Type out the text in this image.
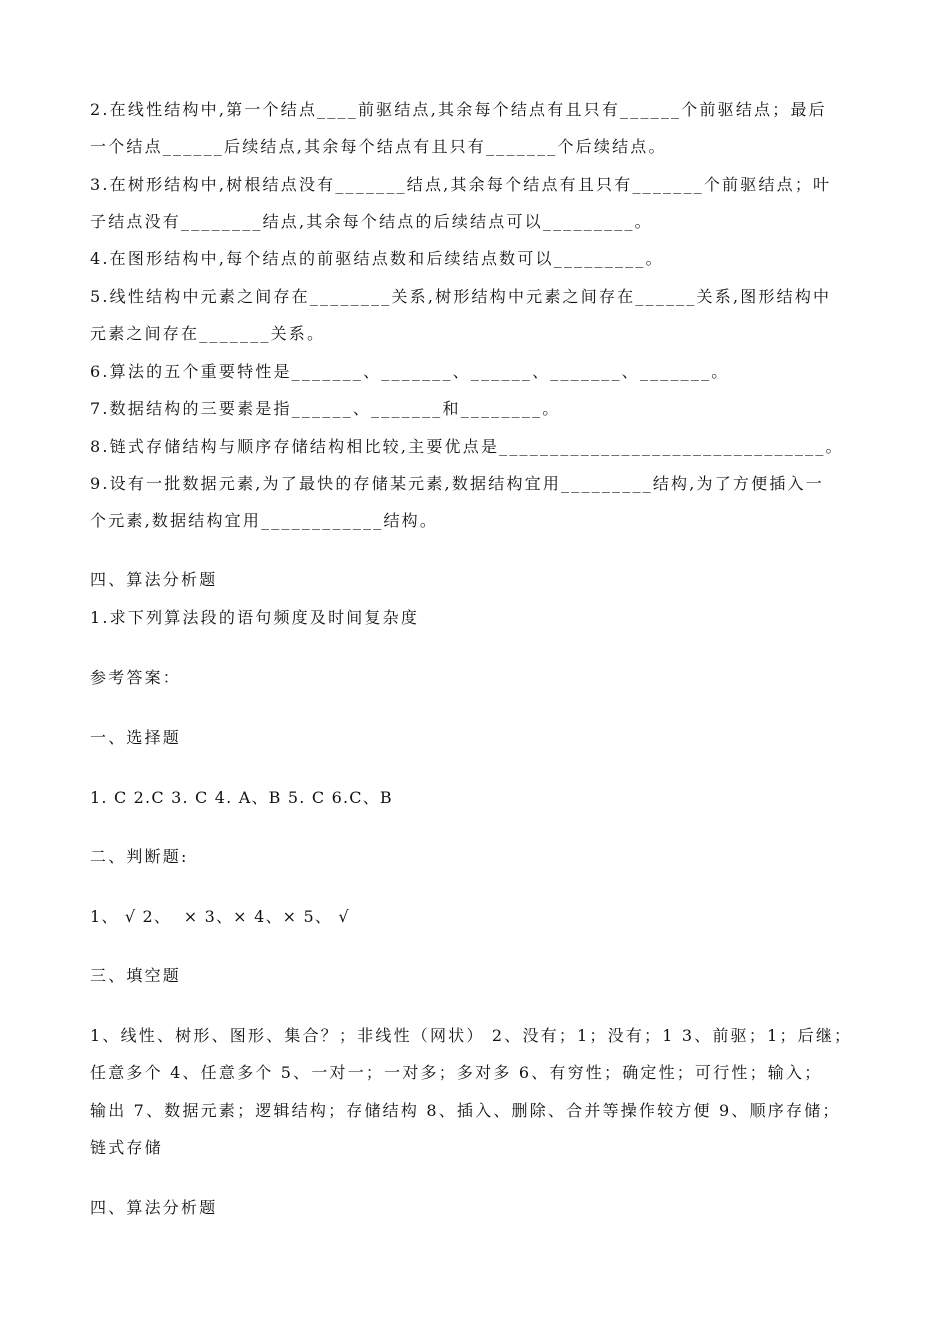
2.在线性结构中,第一个结点____前驱结点,其余每个结点有且只有______个前驱结点；最后
一个结点______后续结点,其余每个结点有且只有_______个后续结点。
3.在树形结构中,树根结点没有_______结点,其余每个结点有且只有_______个前驱结点；叶
子结点没有________结点,其余每个结点的后续结点可以_________。
4.在图形结构中,每个结点的前驱结点数和后续结点数可以_________。
5.线性结构中元素之间存在________关系,树形结构中元素之间存在______关系,图形结构中
元素之间存在_______关系。
6.算法的五个重要特性是_______、_______、______、_______、_______。
7.数据结构的三要素是指______、_______和________。
8.链式存储结构与顺序存储结构相比较,主要优点是________________________________。
9.设有一批数据元素,为了最快的存储某元素,数据结构宜用_________结构,为了方便插入一
个元素,数据结构宜用____________结构。
四、算法分析题
1.求下列算法段的语句频度及时间复杂度
参考答案：
一、选择题
1. C 2.C 3. C 4. A、B 5. C 6.C、B
二、判断题:
1、 √ 2、  × 3、× 4、× 5、 √
三、填空题
1、线性、树形、图形、集合？；非线性（网状） 2、没有；1；没有；1 3、前驱；1；后继；
任意多个 4、任意多个 5、一对一；一对多；多对多 6、有穷性；确定性；可行性；输入；
输出 7、数据元素；逻辑结构；存储结构 8、插入、删除、合并等操作较方便 9、顺序存储；
链式存储
四、算法分析题
